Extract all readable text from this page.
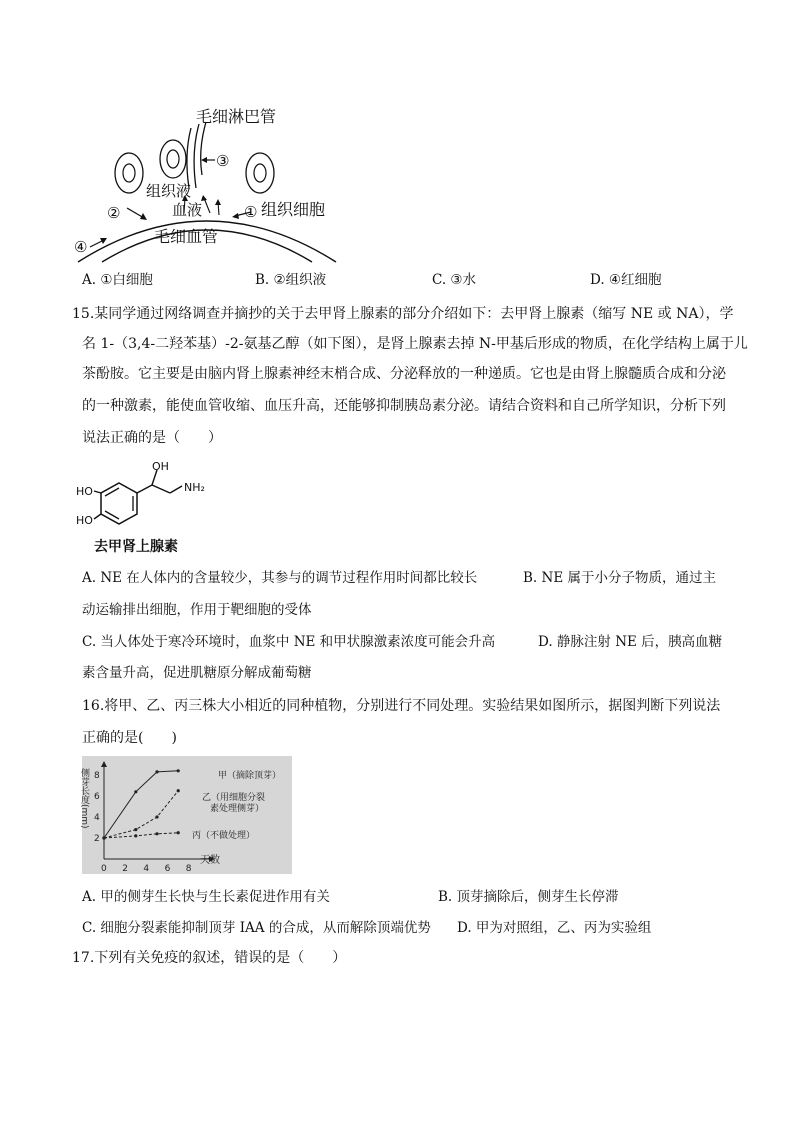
毛细淋巴管
③
组织液
血液
②	① 组织细胞
毛细血管
④
A. ①白细胞	B. ②组织液	C. ③水	D. ④红细胞
15.某同学通过网络调查并摘抄的关于去甲肾上腺素的部分介绍如下：去甲肾上腺素（缩写 NE 或 NA），学
名 1-（3,4-二羟苯基）-2-氨基乙醇（如下图），是肾上腺素去掉 N-甲基后形成的物质，在化学结构上属于儿
茶酚胺。它主要是由脑内肾上腺素神经末梢合成、分泌释放的一种递质。它也是由肾上腺髓质合成和分泌
的一种激素，能使血管收缩、血压升高，还能够抑制胰岛素分泌。请结合资料和自己所学知识，分析下列
说法正确的是（　　）
OH
HO
HO
NH₂
去甲肾上腺素
A. NE 在人体内的含量较少，其参与的调节过程作用时间都比较长	B. NE 属于小分子物质，通过主
动运输排出细胞，作用于靶细胞的受体
C. 当人体处于寒冷环境时，血浆中 NE 和甲状腺激素浓度可能会升高	D. 静脉注射 NE 后，胰高血糖
素含量升高，促进肌糖原分解成葡萄糖
16.将甲、乙、丙三株大小相近的同种植物，分别进行不同处理。实验结果如图所示，据图判断下列说法
正确的是(　　)
侧芽长度(mm)
天数
0 2 4 6 8
2
4
6
8	甲（摘除顶芽）
乙（用细胞分裂素处理侧芽）
丙（不做处理）
A. 甲的侧芽生长快与生长素促进作用有关	B. 顶芽摘除后，侧芽生长停滞
C. 细胞分裂素能抑制顶芽 IAA 的合成，从而解除顶端优势 D. 甲为对照组，乙、丙为实验组
17.下列有关免疫的叙述，错误的是（　　）
